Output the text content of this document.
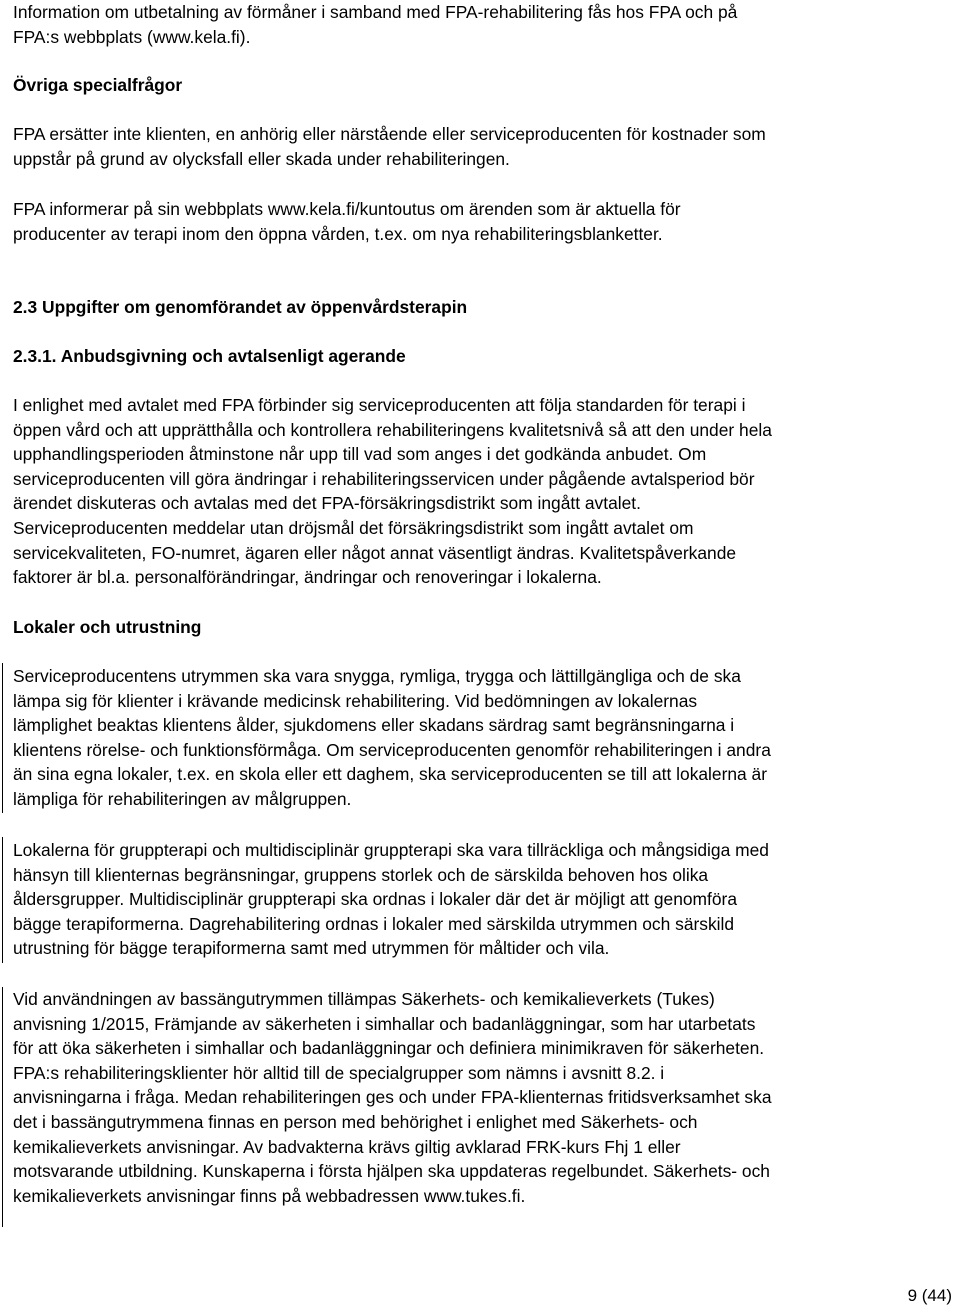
Information om utbetalning av förmåner i samband med FPA-rehabilitering fås hos FPA och på
FPA:s webbplats (www.kela.fi).
Övriga specialfrågor
FPA ersätter inte klienten, en anhörig eller närstående eller serviceproducenten för kostnader som
uppstår på grund av olycksfall eller skada under rehabiliteringen.
FPA informerar på sin webbplats www.kela.fi/kuntoutus om ärenden som är aktuella för
producenter av terapi inom den öppna vården, t.ex. om nya rehabiliteringsblanketter.
2.3 Uppgifter om genomförandet av öppenvårdsterapin
2.3.1. Anbudsgivning och avtalsenligt agerande
I enlighet med avtalet med FPA förbinder sig serviceproducenten att följa standarden för terapi i
öppen vård och att upprätthålla och kontrollera rehabiliteringens kvalitetsnivå så att den under hela
upphandlingsperioden åtminstone når upp till vad som anges i det godkända anbudet. Om
serviceproducenten vill göra ändringar i rehabiliteringsservicen under pågående avtalsperiod bör
ärendet diskuteras och avtalas med det FPA-försäkringsdistrikt som ingått avtalet.
Serviceproducenten meddelar utan dröjsmål det försäkringsdistrikt som ingått avtalet om
servicekvaliteten, FO-numret, ägaren eller något annat väsentligt ändras. Kvalitetspåverkande
faktorer är bl.a. personalförändringar, ändringar och renoveringar i lokalerna.
Lokaler och utrustning
Serviceproducentens utrymmen ska vara snygga, rymliga, trygga och lättillgängliga och de ska
lämpa sig för klienter i krävande medicinsk rehabilitering. Vid bedömningen av lokalernas
lämplighet beaktas klientens ålder, sjukdomens eller skadans särdrag samt begränsningarna i
klientens rörelse- och funktionsförmåga. Om serviceproducenten genomför rehabiliteringen i andra
än sina egna lokaler, t.ex. en skola eller ett daghem, ska serviceproducenten se till att lokalerna är
lämpliga för rehabiliteringen av målgruppen.
Lokalerna för gruppterapi och multidisciplinär gruppterapi ska vara tillräckliga och mångsidiga med
hänsyn till klienternas begränsningar, gruppens storlek och de särskilda behoven hos olika
åldersgrupper. Multidisciplinär gruppterapi ska ordnas i lokaler där det är möjligt att genomföra
bägge terapiformerna. Dagrehabilitering ordnas i lokaler med särskilda utrymmen och särskild
utrustning för bägge terapiformerna samt med utrymmen för måltider och vila.
Vid användningen av bassängutrymmen tillämpas Säkerhets- och kemikalieverkets (Tukes)
anvisning 1/2015, Främjande av säkerheten i simhallar och badanläggningar, som har utarbetats
för att öka säkerheten i simhallar och badanläggningar och definiera minimikraven för säkerheten.
FPA:s rehabiliteringsklienter hör alltid till de specialgrupper som nämns i avsnitt 8.2. i
anvisningarna i fråga. Medan rehabiliteringen ges och under FPA-klienternas fritidsverksamhet ska
det i bassängutrymmena finnas en person med behörighet i enlighet med Säkerhets- och
kemikalieverkets anvisningar. Av badvakterna krävs giltig avklarad FRK-kurs Fhj 1 eller
motsvarande utbildning. Kunskaperna i första hjälpen ska uppdateras regelbundet. Säkerhets- och
kemikalieverkets anvisningar finns på webbadressen www.tukes.fi.

9 (44)
